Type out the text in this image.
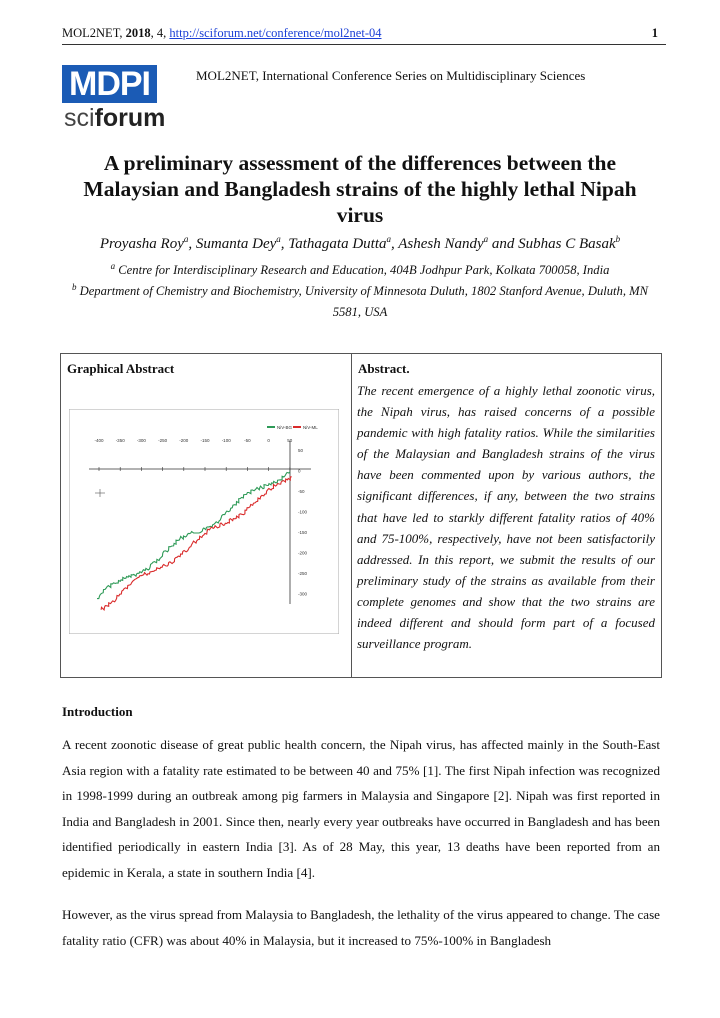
MOL2NET, 2018, 4, http://sciforum.net/conference/mol2net-04	1
MDPI
sciforum
MOL2NET, International Conference Series on Multidisciplinary Sciences
A preliminary assessment of the differences between the Malaysian and Bangladesh strains of the highly lethal Nipah virus
Proyasha Roy$^a$, Sumanta Dey$^a$, Tathagata Dutta$^a$, Ashesh Nandy$^a$ and Subhas C Basak$^b$
$^a$ Centre for Interdisciplinary Research and Education, 404B Jodhpur Park, Kolkata 700058, India
$^b$ Department of Chemistry and Biochemistry, University of Minnesota Duluth, 1802 Stanford Avenue, Duluth, MN 5581, USA
Graphical Abstract	Abstract.
The recent emergence of a highly lethal zoonotic virus, the Nipah virus, has raised concerns of a possible pandemic with high fatality ratios. While the similarities of the Malaysian and Bangladesh strains of the virus have been commented upon by various authors, the significant differences, if any, between the two strains that have led to starkly different fatality ratios of 40% and 75-100%, respectively, have not been satisfactorily addressed. In this report, we submit the results of our preliminary study of the strains as available from their complete genomes and show that the two strains are indeed different and should form part of a focused surveillance program.
NiV-BG NiV-ML
-400	-350	-300	-250	-200	-150	-100	-50	0	50
50
0
-50
-100
-150
-200
-250
-300
Introduction
A recent zoonotic disease of great public health concern, the Nipah virus, has affected mainly in the South-East Asia region with a fatality rate estimated to be between 40 and 75% [1]. The first Nipah infection was recognized in 1998-1999 during an outbreak among pig farmers in Malaysia and Singapore [2]. Nipah was first reported in India and Bangladesh in 2001. Since then, nearly every year outbreaks have occurred in Bangladesh and has been identified periodically in eastern India [3]. As of 28 May, this year, 13 deaths have been reported from an epidemic in Kerala, a state in southern India [4].
However, as the virus spread from Malaysia to Bangladesh, the lethality of the virus appeared to change. The case fatality ratio (CFR) was about 40% in Malaysia, but it increased to 75%-100% in Bangladesh
